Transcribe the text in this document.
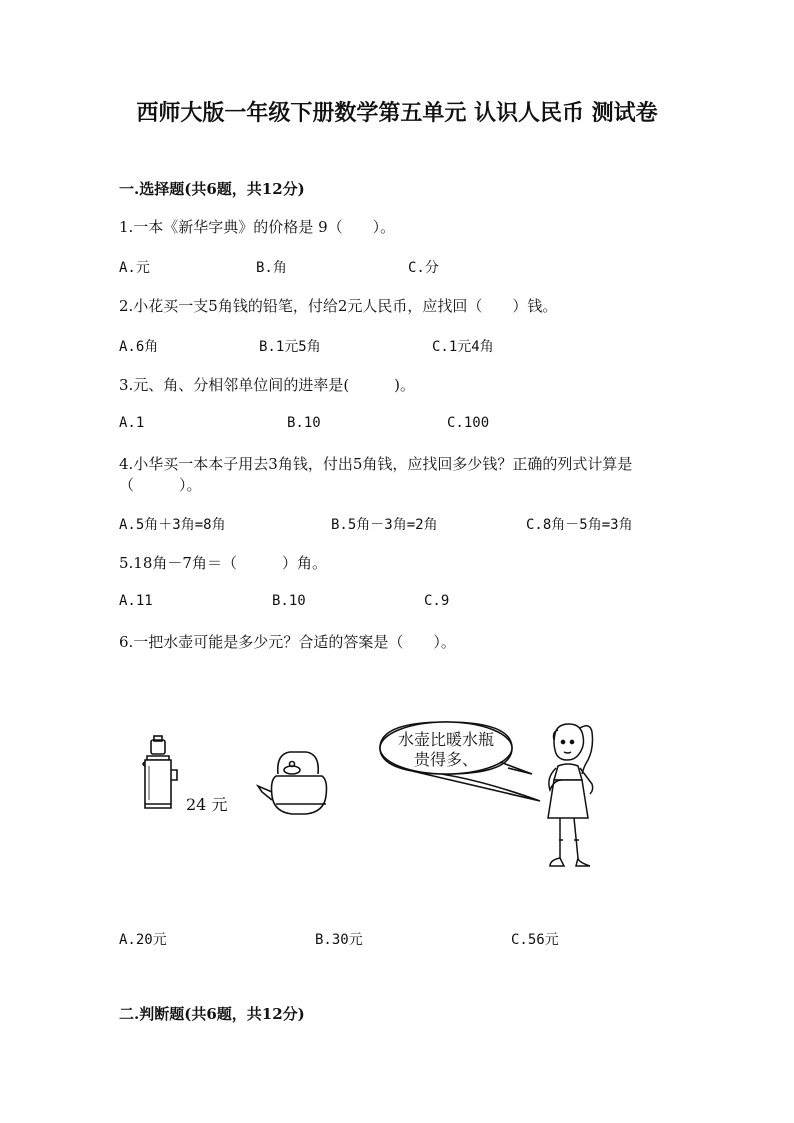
西师大版一年级下册数学第五单元 认识人民币 测试卷
一.选择题(共6题，共12分)
1.一本《新华字典》的价格是 9（　　）。
A.元	B.角	C.分
2.小花买一支5角钱的铅笔，付给2元人民币，应找回（　　）钱。
A.6角	B.1元5角	C.1元4角
3.元、角、分相邻单位间的进率是(　　　)。
A.1	B.10	C.100
4.小华买一本本子用去3角钱，付出5角钱，应找回多少钱？正确的列式计算是（　　　）。
A.5角＋3角=8角	B.5角－3角=2角	C.8角－5角=3角
5.18角－7角＝（　　　）角。
A.11	B.10	C.9
6.一把水壶可能是多少元？合适的答案是（　　）。
24 元
水壶比暖水瓶
贵得多、
A.20元	B.30元	C.56元
二.判断题(共6题，共12分)
